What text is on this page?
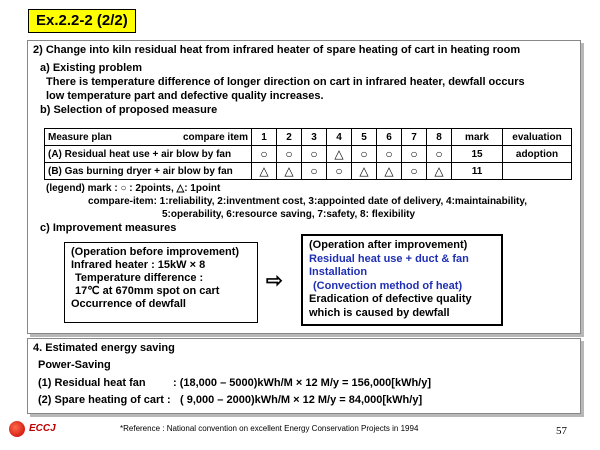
Ex.2.2-2 (2/2)
2) Change into kiln residual heat from infrared heater of spare heating of cart in heating room
a) Existing problem
There is temperature difference of longer direction on cart in infrared heater, dewfall occurs
low temperature part and defective quality increases.
b) Selection of proposed measure
Measure plan compare item	1	2	3	4	5	6	7	8	mark	evaluation
(A) Residual heat use + air blow by fan	○	○	○	△	○	○	○	○	15	adoption
(B) Gas burning dryer + air blow by fan	△	△	○	○	△	△	○	△	11	
(legend) mark : ○ : 2points, △: 1point
compare-item: 1:reliability, 2:inventment cost, 3:appointed date of delivery, 4:maintainability,
5:operability, 6:resource saving, 7:safety, 8: flexibility
c) Improvement measures
(Operation before improvement)
Infrared heater : 15kW × 8
Temperature difference :
17℃ at 670mm spot on cart
Occurrence of dewfall
⇨
(Operation after improvement)
Residual heat use + duct & fan
Installation
(Convection method of heat)
Eradication of defective quality
which is caused by dewfall
4. Estimated energy saving
Power-Saving
(1) Residual heat fan : (18,000 – 5000)kWh/M × 12 M/y = 156,000[kWh/y]
(2) Spare heating of cart : ( 9,000 – 2000)kWh/M × 12 M/y = 84,000[kWh/y]
ECCJ	*Reference : National convention on excellent Energy Conservation Projects in 1994	57
